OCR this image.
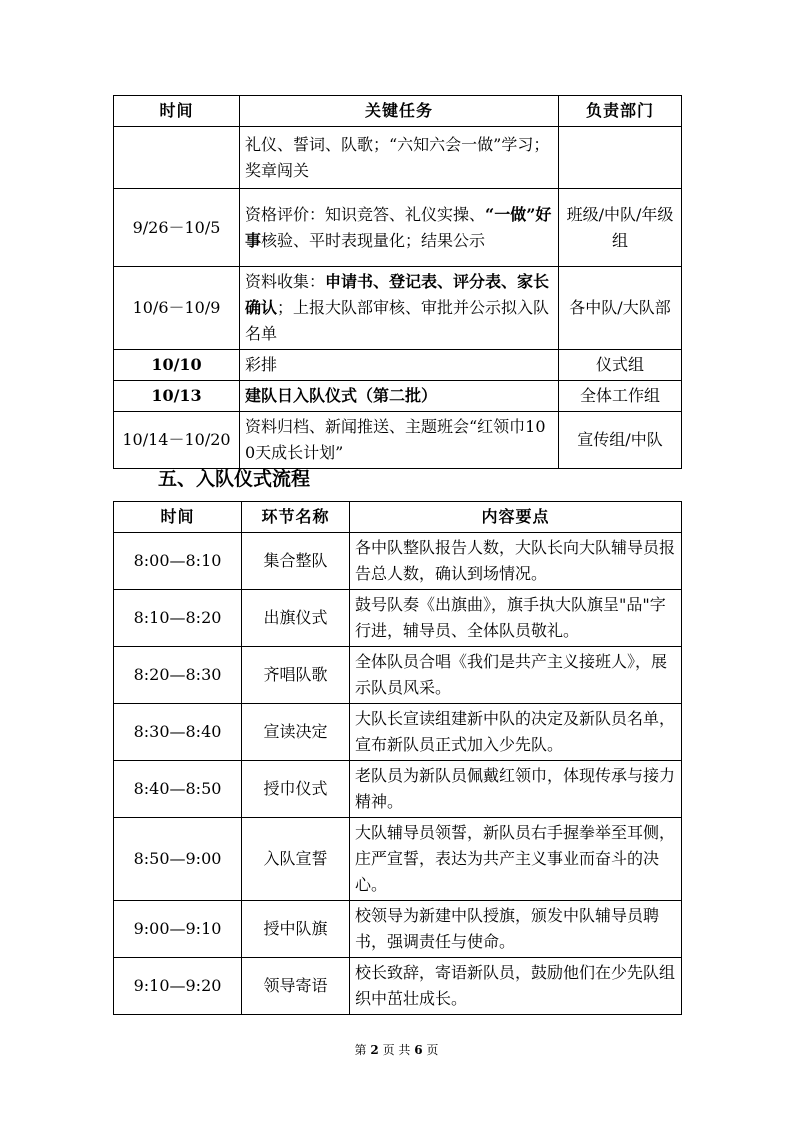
时间	关键任务	负责部门
	礼仪、誓词、队歌；“六知六会一做”学习；奖章闯关	
9/26－10/5	资格评价：知识竞答、礼仪实操、“一做”好事核验、平时表现量化；结果公示	班级/中队/年级组
10/6－10/9	资料收集：申请书、登记表、评分表、家长确认；上报大队部审核、审批并公示拟入队名单	各中队/大队部
10/10	彩排	仪式组
10/13	建队日入队仪式（第二批）	全体工作组
10/14－10/20	资料归档、新闻推送、主题班会“红领巾100天成长计划”	宣传组/中队
五、入队仪式流程
时间	环节名称	内容要点
8:00—8:10	集合整队	各中队整队报告人数，大队长向大队辅导员报告总人数，确认到场情况。
8:10—8:20	出旗仪式	鼓号队奏《出旗曲》，旗手执大队旗呈"品"字行进，辅导员、全体队员敬礼。
8:20—8:30	齐唱队歌	全体队员合唱《我们是共产主义接班人》，展示队员风采。
8:30—8:40	宣读决定	大队长宣读组建新中队的决定及新队员名单，宣布新队员正式加入少先队。
8:40—8:50	授巾仪式	老队员为新队员佩戴红领巾，体现传承与接力精神。
8:50—9:00	入队宣誓	大队辅导员领誓，新队员右手握拳举至耳侧，庄严宣誓，表达为共产主义事业而奋斗的决心。
9:00—9:10	授中队旗	校领导为新建中队授旗，颁发中队辅导员聘书，强调责任与使命。
9:10—9:20	领导寄语	校长致辞，寄语新队员，鼓励他们在少先队组织中茁壮成长。
第 2 页 共 6 页
